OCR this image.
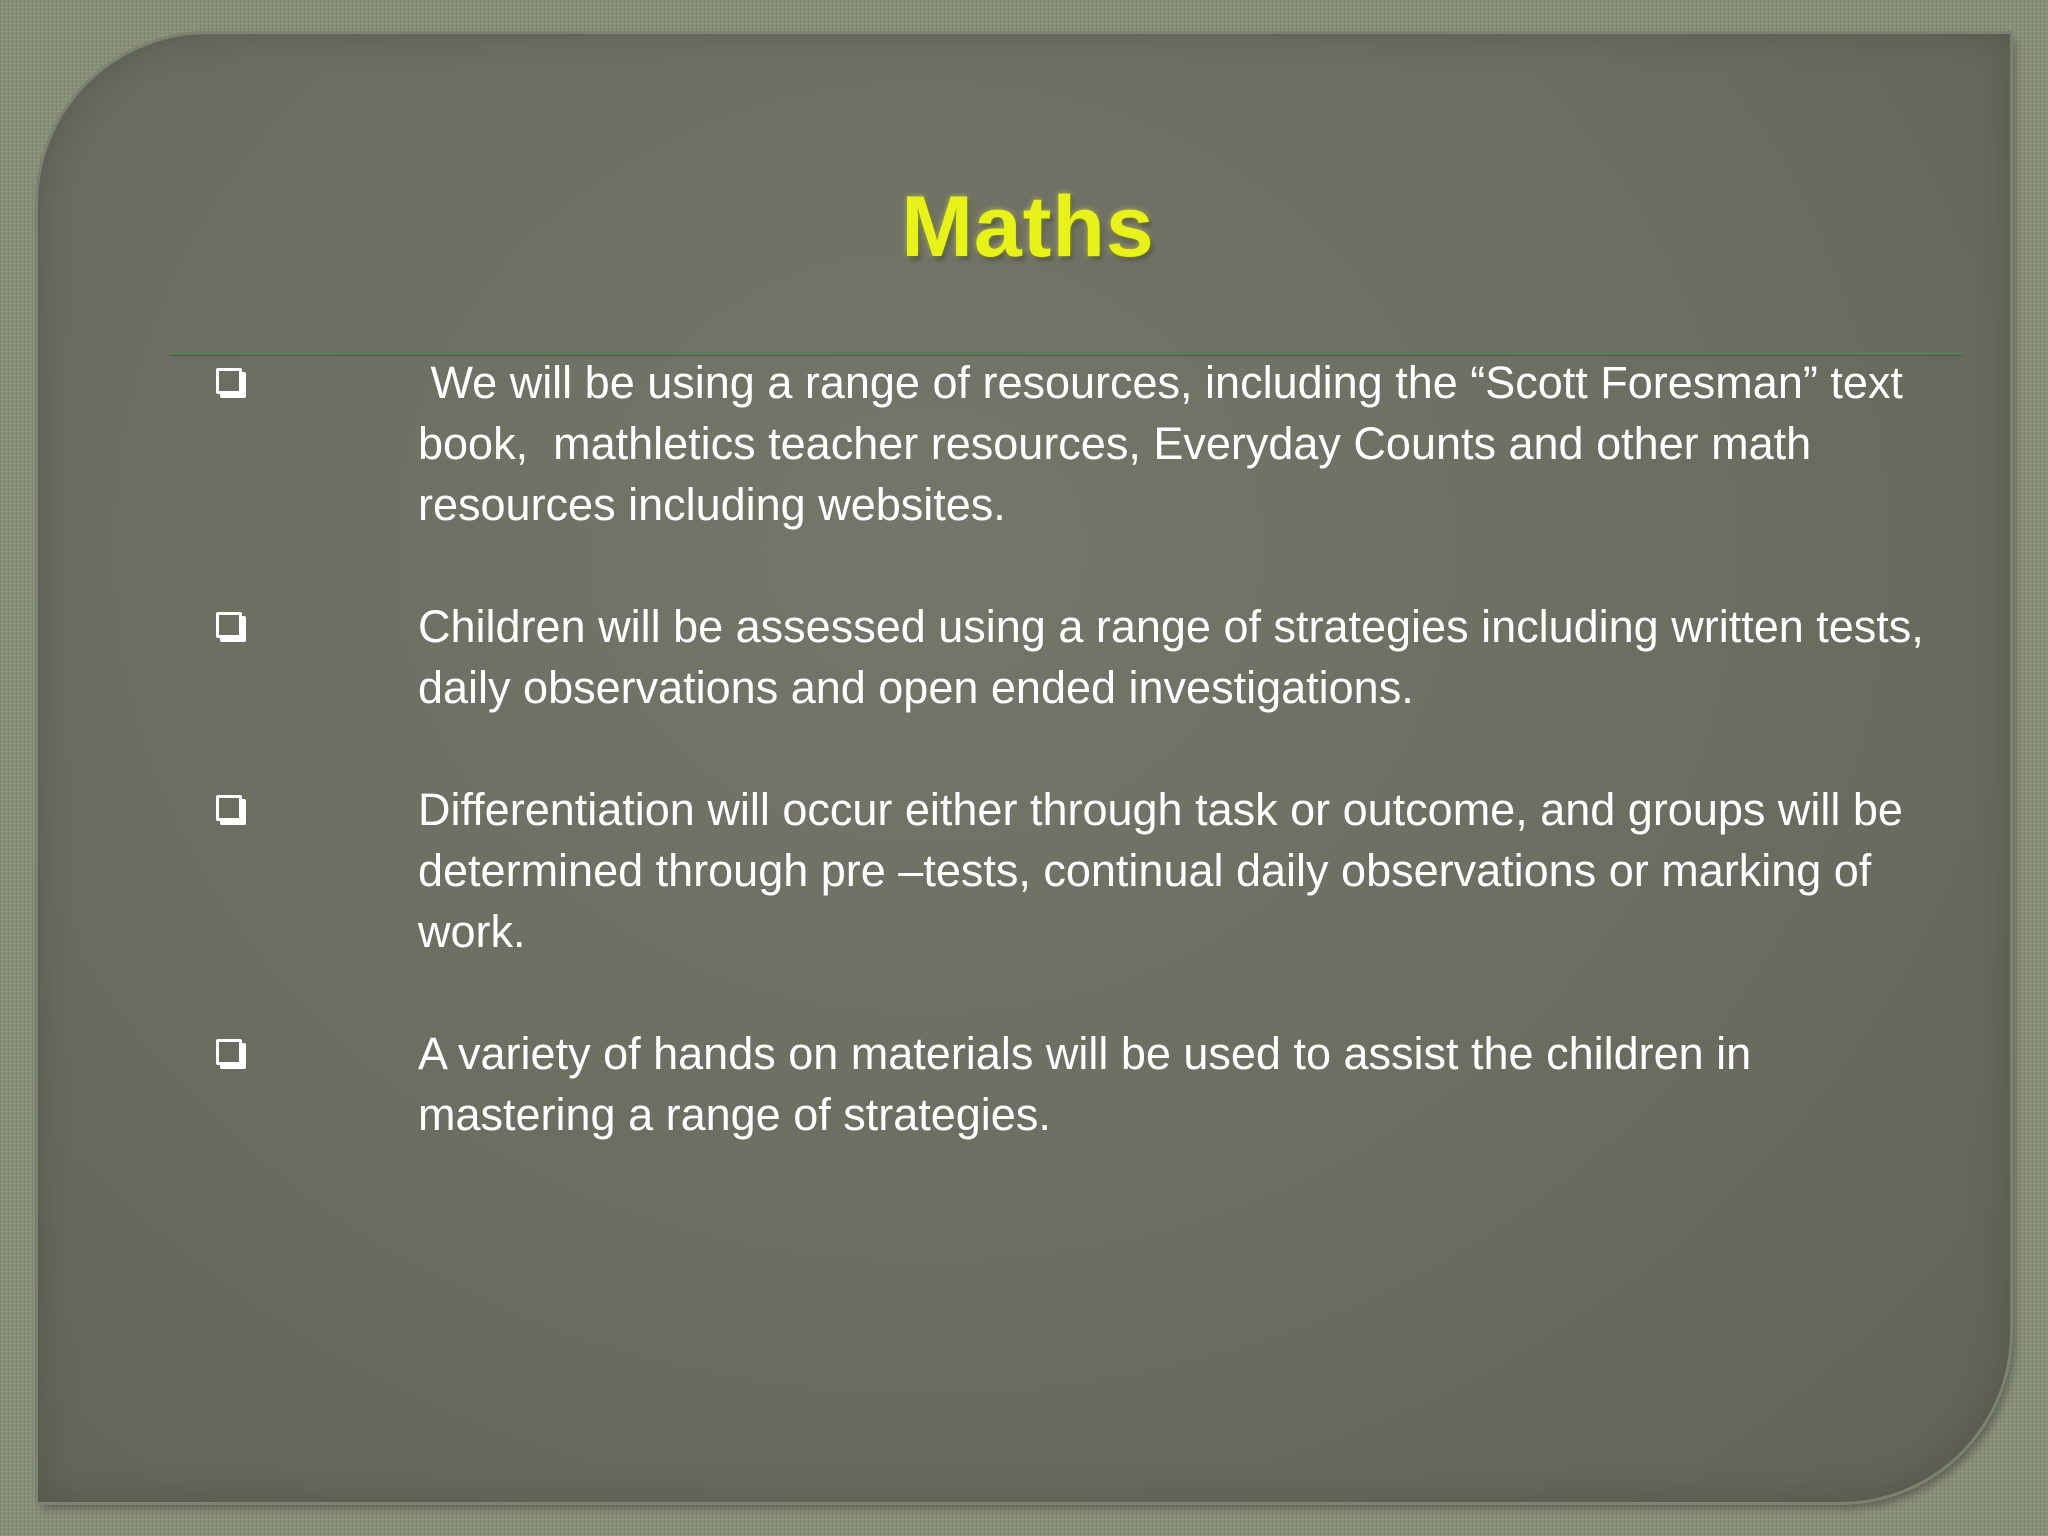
Maths
We will be using a range of resources, including the “Scott Foresman” text book,  mathletics teacher resources, Everyday Counts and other math resources including websites.
Children will be assessed using a range of strategies including written tests, daily observations and open ended investigations.
Differentiation will occur either through task or outcome, and groups will be determined through pre –tests, continual daily observations or marking of work.
A variety of hands on materials will be used to assist the children in mastering a range of strategies.
